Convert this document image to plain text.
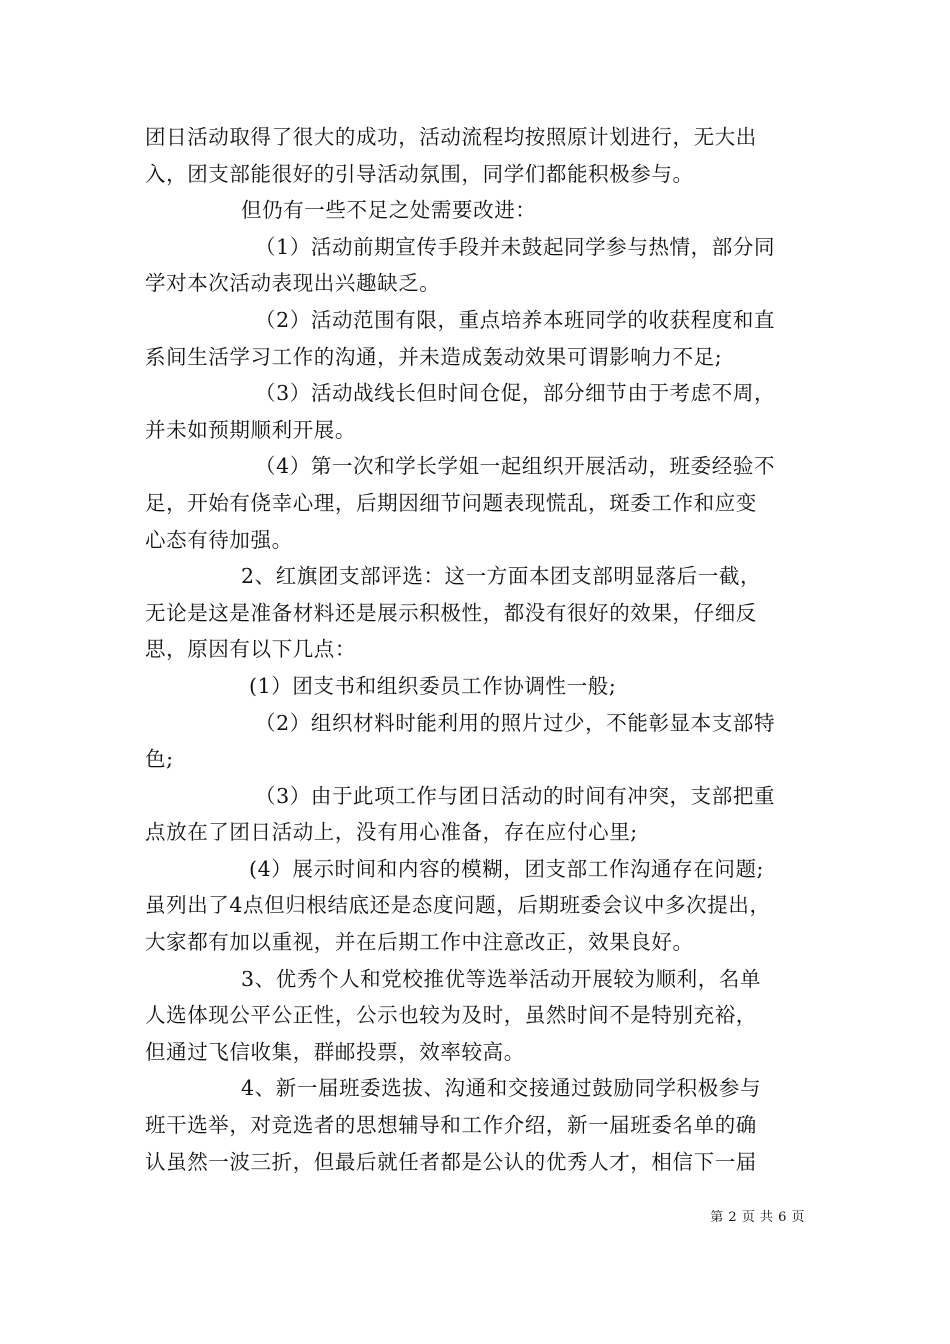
团日活动取得了很大的成功，活动流程均按照原计划进行，无大出
入，团支部能很好的引导活动氛围，同学们都能积极参与。
但仍有一些不足之处需要改进：
（1）活动前期宣传手段并未鼓起同学参与热情，部分同
学对本次活动表现出兴趣缺乏。
（2）活动范围有限，重点培养本班同学的收获程度和直
系间生活学习工作的沟通，并未造成轰动效果可谓影响力不足;
（3）活动战线长但时间仓促，部分细节由于考虑不周，
并未如预期顺利开展。
（4）第一次和学长学姐一起组织开展活动，班委经验不
足，开始有侥幸心理，后期因细节问题表现慌乱，斑委工作和应变
心态有待加强。
2、红旗团支部评选：这一方面本团支部明显落后一截，
无论是这是准备材料还是展示积极性，都没有很好的效果，仔细反
思，原因有以下几点：
(1）团支书和组织委员工作协调性一般;
（2）组织材料时能利用的照片过少，不能彰显本支部特
色;
（3）由于此项工作与团日活动的时间有冲突，支部把重
点放在了团日活动上，没有用心准备，存在应付心里;
(4）展示时间和内容的模糊，团支部工作沟通存在问题;
虽列出了4点但归根结底还是态度问题，后期班委会议中多次提出，
大家都有加以重视，并在后期工作中注意改正，效果良好。
3、优秀个人和党校推优等选举活动开展较为顺利，名单
人选体现公平公正性，公示也较为及时，虽然时间不是特别充裕，
但通过飞信收集，群邮投票，效率较高。
4、新一届班委选拔、沟通和交接通过鼓励同学积极参与
班干选举，对竞选者的思想辅导和工作介绍，新一届班委名单的确
认虽然一波三折，但最后就任者都是公认的优秀人才，相信下一届
第 2 页 共 6 页
